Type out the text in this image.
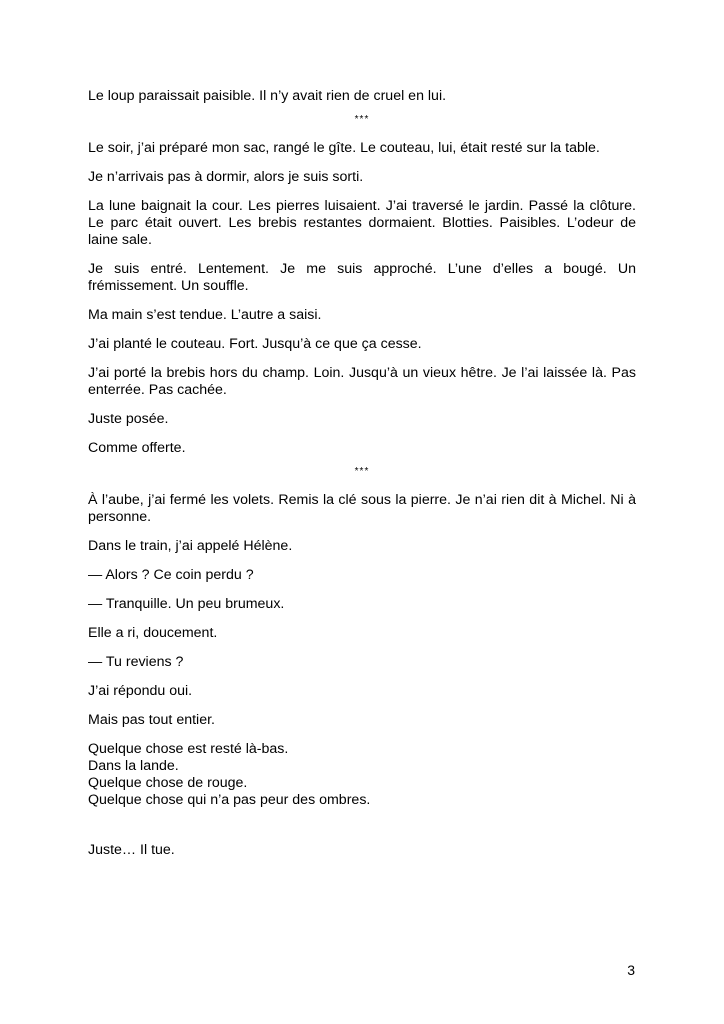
Le loup paraissait paisible. Il n’y avait rien de cruel en lui.

***

Le soir, j’ai préparé mon sac, rangé le gîte. Le couteau, lui, était resté sur la table.

Je n’arrivais pas à dormir, alors je suis sorti.

La lune baignait la cour. Les pierres luisaient. J’ai traversé le jardin. Passé la clôture. Le parc était ouvert. Les brebis restantes dormaient. Blotties. Paisibles. L’odeur de laine sale.

Je suis entré. Lentement. Je me suis approché. L’une d’elles a bougé. Un frémissement. Un souffle.

Ma main s’est tendue. L’autre a saisi.

J’ai planté le couteau. Fort. Jusqu’à ce que ça cesse.

J’ai porté la brebis hors du champ. Loin. Jusqu’à un vieux hêtre. Je l’ai laissée là. Pas enterrée. Pas cachée.

Juste posée.

Comme offerte.

***

À l’aube, j’ai fermé les volets. Remis la clé sous la pierre. Je n’ai rien dit à Michel. Ni à personne.

Dans le train, j’ai appelé Hélène.

— Alors ? Ce coin perdu ?

— Tranquille. Un peu brumeux.

Elle a ri, doucement.

— Tu reviens ?

J’ai répondu oui.

Mais pas tout entier.

Quelque chose est resté là-bas.
Dans la lande.
Quelque chose de rouge.
Quelque chose qui n’a pas peur des ombres.

Juste… Il tue.

3
